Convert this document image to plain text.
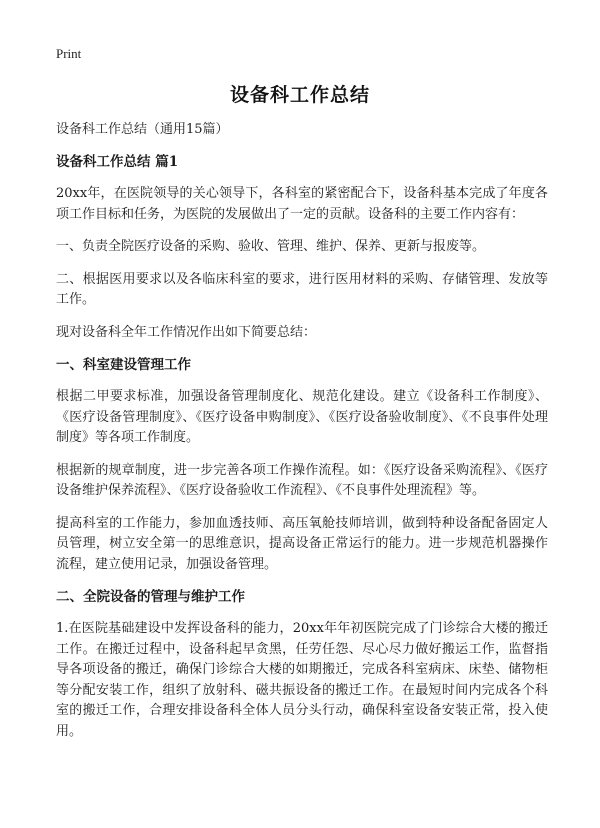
Print
设备科工作总结

设备科工作总结（通用15篇）

设备科工作总结 篇1

20xx年，在医院领导的关心领导下，各科室的紧密配合下，设备科基本完成了年度各项工作目标和任务，为医院的发展做出了一定的贡献。设备科的主要工作内容有：

一、负责全院医疗设备的采购、验收、管理、维护、保养、更新与报废等。

二、根据医用要求以及各临床科室的要求，进行医用材料的采购、存储管理、发放等工作。

现对设备科全年工作情况作出如下简要总结：

一、科室建设管理工作

根据二甲要求标准，加强设备管理制度化、规范化建设。建立《设备科工作制度》、《医疗设备管理制度》、《医疗设备申购制度》、《医疗设备验收制度》、《不良事件处理制度》等各项工作制度。

根据新的规章制度，进一步完善各项工作操作流程。如：《医疗设备采购流程》、《医疗设备维护保养流程》、《医疗设备验收工作流程》、《不良事件处理流程》等。

提高科室的工作能力，参加血透技师、高压氧舱技师培训，做到特种设备配备固定人员管理，树立安全第一的思维意识，提高设备正常运行的能力。进一步规范机器操作流程，建立使用记录，加强设备管理。

二、全院设备的管理与维护工作

1.在医院基础建设中发挥设备科的能力，20xx年年初医院完成了门诊综合大楼的搬迁工作。在搬迁过程中，设备科起早贪黑，任劳任怨、尽心尽力做好搬运工作，监督指导各项设备的搬迁，确保门诊综合大楼的如期搬迁，完成各科室病床、床垫、储物柜等分配安装工作，组织了放射科、磁共振设备的搬迁工作。在最短时间内完成各个科室的搬迁工作，合理安排设备科全体人员分头行动，确保科室设备安装正常，投入使用。
